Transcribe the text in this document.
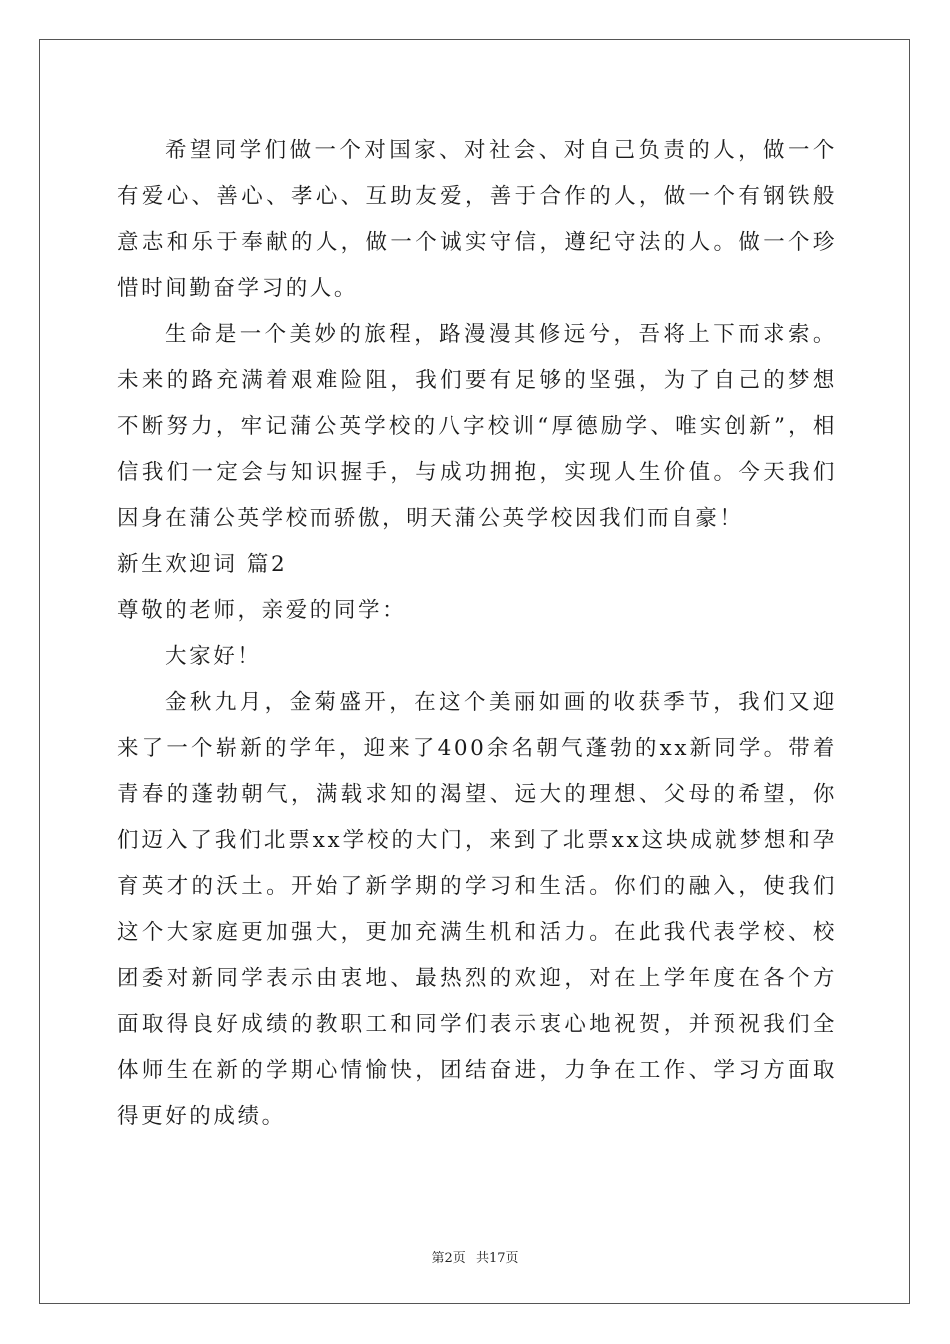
希望同学们做一个对国家、对社会、对自己负责的人，做一个有爱心、善心、孝心、互助友爱，善于合作的人，做一个有钢铁般意志和乐于奉献的人，做一个诚实守信，遵纪守法的人。做一个珍惜时间勤奋学习的人。

生命是一个美妙的旅程，路漫漫其修远兮，吾将上下而求索。未来的路充满着艰难险阻，我们要有足够的坚强，为了自己的梦想不断努力，牢记蒲公英学校的八字校训“厚德励学、唯实创新”，相信我们一定会与知识握手，与成功拥抱，实现人生价值。今天我们因身在蒲公英学校而骄傲，明天蒲公英学校因我们而自豪！

新生欢迎词 篇2

尊敬的老师，亲爱的同学：

大家好！

金秋九月，金菊盛开，在这个美丽如画的收获季节，我们又迎来了一个崭新的学年，迎来了400余名朝气蓬勃的xx新同学。带着青春的蓬勃朝气，满载求知的渴望、远大的理想、父母的希望，你们迈入了我们北票xx学校的大门，来到了北票xx这块成就梦想和孕育英才的沃土。开始了新学期的学习和生活。你们的融入，使我们这个大家庭更加强大，更加充满生机和活力。在此我代表学校、校团委对新同学表示由衷地、最热烈的欢迎，对在上学年度在各个方面取得良好成绩的教职工和同学们表示衷心地祝贺，并预祝我们全体师生在新的学期心情愉快，团结奋进，力争在工作、学习方面取得更好的成绩。

第2页 共17页
